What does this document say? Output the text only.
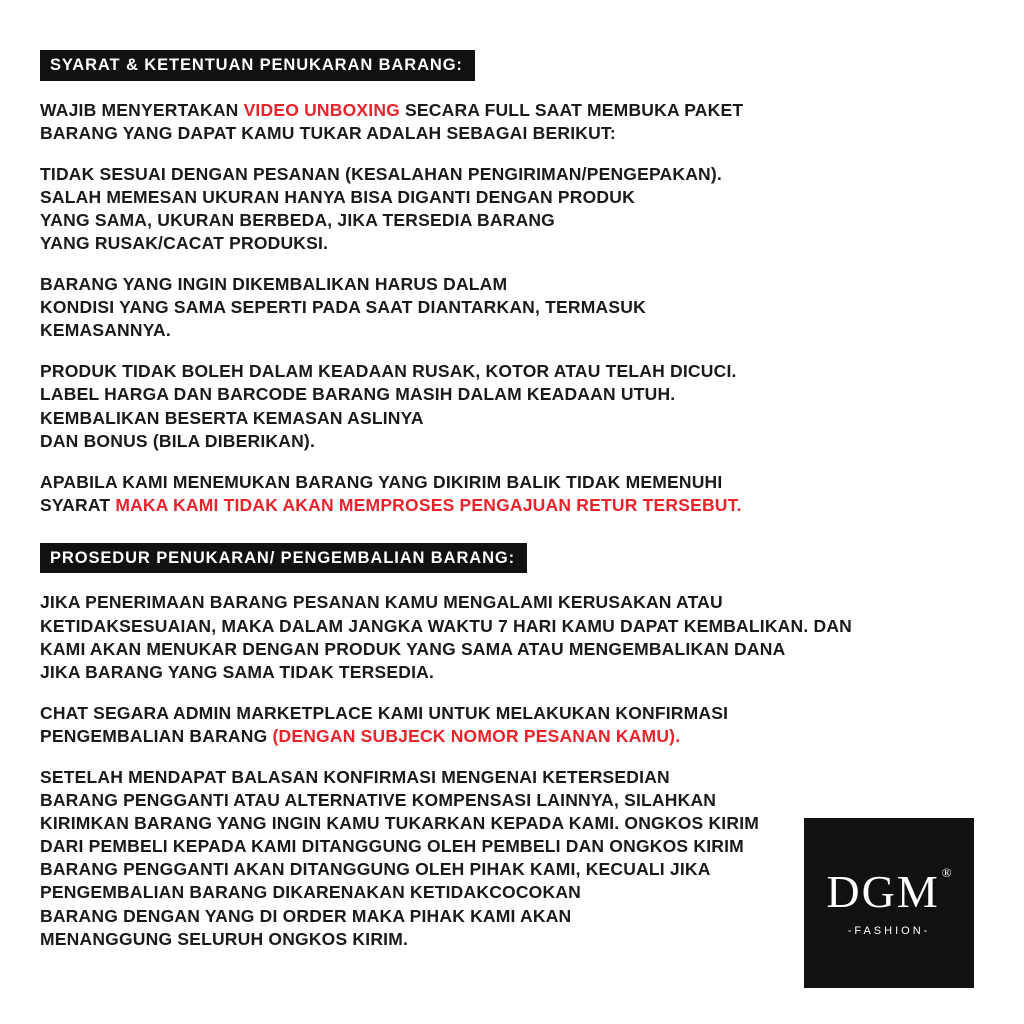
SYARAT & KETENTUAN PENUKARAN BARANG:

WAJIB MENYERTAKAN VIDEO UNBOXING SECARA FULL SAAT MEMBUKA PAKET

BARANG YANG DAPAT KAMU TUKAR ADALAH SEBAGAI BERIKUT:

TIDAK SESUAI DENGAN PESANAN (KESALAHAN PENGIRIMAN/PENGEPAKAN).

SALAH MEMESAN UKURAN HANYA BISA DIGANTI DENGAN PRODUK

YANG SAMA, UKURAN BERBEDA, JIKA TERSEDIA BARANG

YANG RUSAK/CACAT PRODUKSI.

BARANG YANG INGIN DIKEMBALIKAN HARUS DALAM

KONDISI YANG SAMA SEPERTI PADA SAAT DIANTARKAN, TERMASUK

KEMASANNYA.

PRODUK TIDAK BOLEH DALAM KEADAAN RUSAK, KOTOR ATAU TELAH DICUCI.

LABEL HARGA DAN BARCODE BARANG MASIH DALAM KEADAAN UTUH.

KEMBALIKAN BESERTA KEMASAN ASLINYA

DAN BONUS (BILA DIBERIKAN).

APABILA KAMI MENEMUKAN BARANG YANG DIKIRIM BALIK TIDAK MEMENUHI

SYARAT MAKA KAMI TIDAK AKAN MEMPROSES PENGAJUAN RETUR TERSEBUT.

PROSEDUR PENUKARAN/ PENGEMBALIAN BARANG:

JIKA PENERIMAAN BARANG PESANAN KAMU MENGALAMI KERUSAKAN ATAU

KETIDAKSESUAIAN, MAKA DALAM JANGKA WAKTU 7 HARI KAMU DAPAT KEMBALIKAN. DAN

KAMI AKAN MENUKAR DENGAN PRODUK YANG SAMA ATAU MENGEMBALIKAN DANA

JIKA BARANG YANG SAMA TIDAK TERSEDIA.

CHAT SEGARA ADMIN MARKETPLACE KAMI UNTUK MELAKUKAN KONFIRMASI

PENGEMBALIAN BARANG (DENGAN SUBJECK NOMOR PESANAN KAMU).

SETELAH MENDAPAT BALASAN KONFIRMASI MENGENAI KETERSEDIAN

BARANG PENGGANTI ATAU ALTERNATIVE KOMPENSASI LAINNYA, SILAHKAN

KIRIMKAN BARANG YANG INGIN KAMU TUKARKAN KEPADA KAMI. ONGKOS KIRIM

DARI PEMBELI KEPADA KAMI DITANGGUNG OLEH PEMBELI DAN ONGKOS KIRIM

BARANG PENGGANTI AKAN DITANGGUNG OLEH PIHAK KAMI, KECUALI JIKA

PENGEMBALIAN BARANG DIKARENAKAN KETIDAKCOCOKAN

BARANG DENGAN YANG DI ORDER MAKA PIHAK KAMI AKAN

MENANGGUNG SELURUH ONGKOS KIRIM.

DGM ®
-FASHION-
